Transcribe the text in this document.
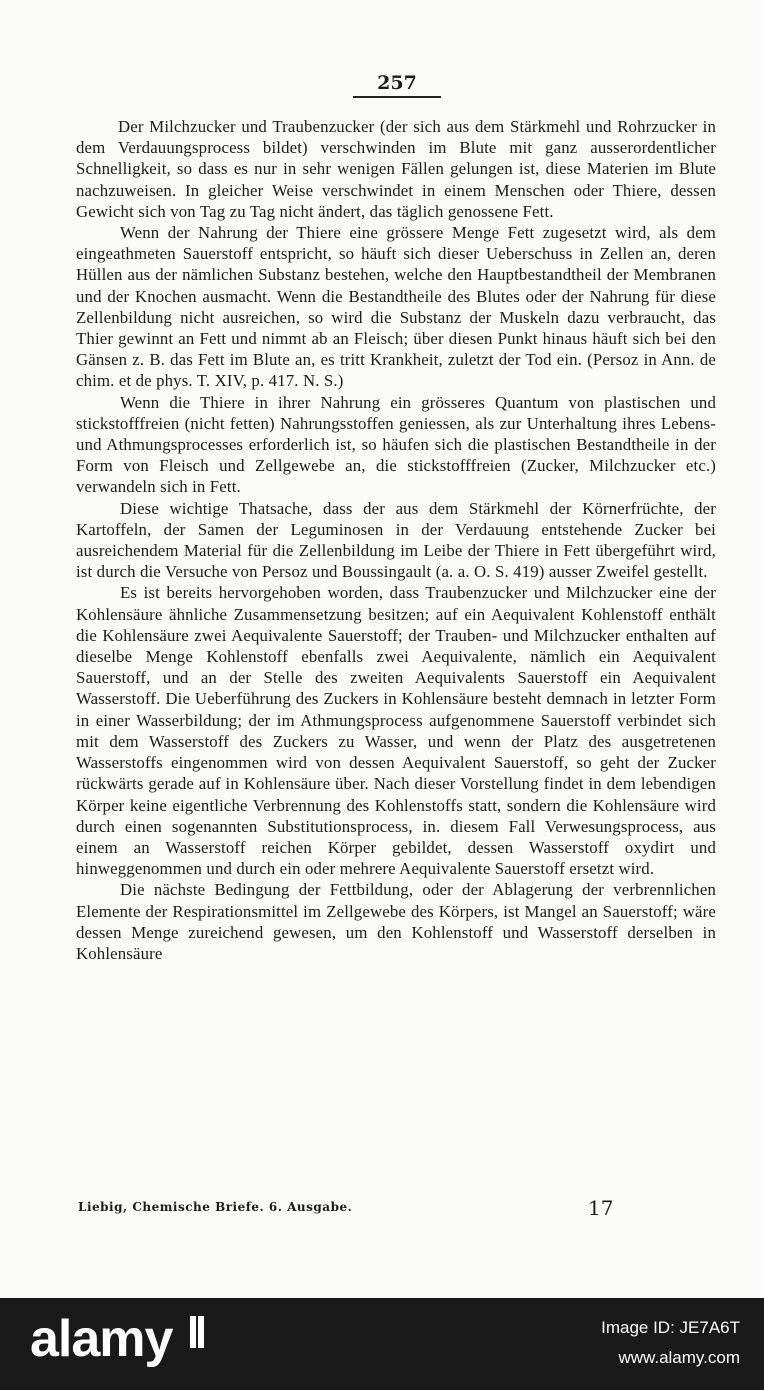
257

Der Milchzucker und Traubenzucker (der sich aus dem Stärkmehl und Rohrzucker in dem Verdauungsprocess bildet) verschwinden im Blute mit ganz ausserordentlicher Schnelligkeit, so dass es nur in sehr wenigen Fällen gelungen ist, diese Materien im Blute nachzuweisen. In gleicher Weise verschwindet in einem Menschen oder Thiere, dessen Gewicht sich von Tag zu Tag nicht ändert, das täglich genossene Fett.

Wenn der Nahrung der Thiere eine grössere Menge Fett zugesetzt wird, als dem eingeathmeten Sauerstoff entspricht, so häuft sich dieser Ueberschuss in Zellen an, deren Hüllen aus der nämlichen Substanz bestehen, welche den Hauptbestandtheil der Membranen und der Knochen ausmacht. Wenn die Bestandtheile des Blutes oder der Nahrung für diese Zellenbildung nicht ausreichen, so wird die Substanz der Muskeln dazu verbraucht, das Thier gewinnt an Fett und nimmt ab an Fleisch; über diesen Punkt hinaus häuft sich bei den Gänsen z. B. das Fett im Blute an, es tritt Krankheit, zuletzt der Tod ein. (Persoz in Ann. de chim. et de phys. T. XIV, p. 417. N. S.)

Wenn die Thiere in ihrer Nahrung ein grösseres Quantum von plastischen und stickstofffreien (nicht fetten) Nahrungsstoffen geniessen, als zur Unterhaltung ihres Lebens- und Athmungsprocesses erforderlich ist, so häufen sich die plastischen Bestandtheile in der Form von Fleisch und Zellgewebe an, die stickstofffreien (Zucker, Milchzucker etc.) verwandeln sich in Fett.

Diese wichtige Thatsache, dass der aus dem Stärkmehl der Körnerfrüchte, der Kartoffeln, der Samen der Leguminosen in der Verdauung entstehende Zucker bei ausreichendem Material für die Zellenbildung im Leibe der Thiere in Fett übergeführt wird, ist durch die Versuche von Persoz und Boussingault (a. a. O. S. 419) ausser Zweifel gestellt.

Es ist bereits hervorgehoben worden, dass Traubenzucker und Milchzucker eine der Kohlensäure ähnliche Zusammensetzung besitzen; auf ein Aequivalent Kohlenstoff enthält die Kohlensäure zwei Aequivalente Sauerstoff; der Trauben- und Milchzucker enthalten auf dieselbe Menge Kohlenstoff ebenfalls zwei Aequivalente, nämlich ein Aequivalent Sauerstoff, und an der Stelle des zweiten Aequivalents Sauerstoff ein Aequivalent Wasserstoff. Die Ueberführung des Zuckers in Kohlensäure besteht demnach in letzter Form in einer Wasserbildung; der im Athmungsprocess aufgenommene Sauerstoff verbindet sich mit dem Wasserstoff des Zuckers zu Wasser, und wenn der Platz des ausgetretenen Wasserstoffs eingenommen wird von dessen Aequivalent Sauerstoff, so geht der Zucker rückwärts gerade auf in Kohlensäure über. Nach dieser Vorstellung findet in dem lebendigen Körper keine eigentliche Verbrennung des Kohlenstoffs statt, sondern die Kohlensäure wird durch einen sogenannten Substitutionsprocess, in. diesem Fall Verwesungsprocess, aus einem an Wasserstoff reichen Körper gebildet, dessen Wasserstoff oxydirt und hinweggenommen und durch ein oder mehrere Aequivalente Sauerstoff ersetzt wird.

Die nächste Bedingung der Fettbildung, oder der Ablagerung der verbrennlichen Elemente der Respirationsmittel im Zellgewebe des Körpers, ist Mangel an Sauerstoff; wäre dessen Menge zureichend gewesen, um den Kohlenstoff und Wasserstoff derselben in Kohlensäure

Liebig, Chemische Briefe. 6. Ausgabe.	17
alamy	Image ID: JE7A6T
www.alamy.com
